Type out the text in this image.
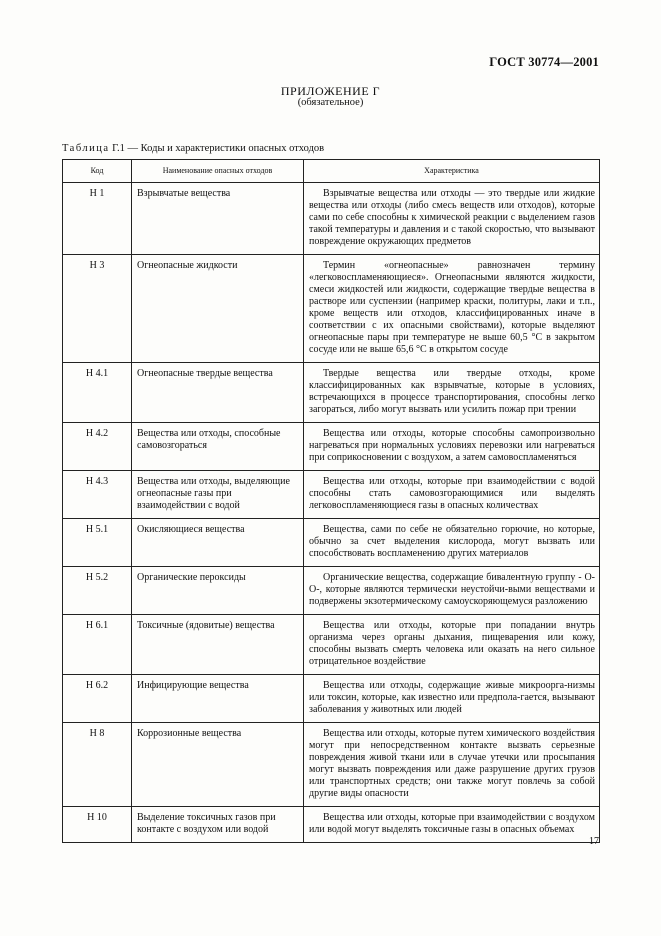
ГОСТ 30774—2001
ПРИЛОЖЕНИЕ Г
(обязательное)
Таблица Г.1 — Коды и характеристики опасных отходов
Код	Наименование опасных отходов	Характеристика
Н 1	Взрывчатые вещества	Взрывчатые вещества или отходы — это твердые или жидкие вещества или отходы (либо смесь веществ или отходов), которые сами по себе способны к химической реакции с выделением газов такой температуры и давления и с такой скоростью, что вызывают повреждение окружающих предметов
Н 3	Огнеопасные жидкости	Термин «огнеопасные» равнозначен термину «легковоспламеняющиеся». Огнеопасными являются жидкости, смеси жидкостей или жидкости, содержащие твердые вещества в растворе или суспензии (например краски, политуры, лаки и т.п., кроме веществ или отходов, классифицированных иначе в соответствии с их опасными свойствами), которые выделяют огнеопасные пары при температуре не выше 60,5 °С в закрытом сосуде или не выше 65,6 °С в открытом сосуде
Н 4.1	Огнеопасные твердые вещества	Твердые вещества или твердые отходы, кроме классифицированных как взрывчатые, которые в условиях, встречающихся в процессе транспортирования, способны легко загораться, либо могут вызвать или усилить пожар при трении
Н 4.2	Вещества или отходы, способные самовозгораться	Вещества или отходы, которые способны самопроизвольно нагреваться при нормальных условиях перевозки или нагреваться при соприкосновении с воздухом, а затем самовоспламеняться
Н 4.3	Вещества или отходы, выделяющие огнеопасные газы при взаимодействии с водой	Вещества или отходы, которые при взаимодействии с водой способны стать самовозгорающимися или выделять легковоспламеняющиеся газы в опасных количествах
Н 5.1	Окисляющиеся вещества	Вещества, сами по себе не обязательно горючие, но которые, обычно за счет выделения кислорода, могут вызвать или способствовать воспламенению других материалов
Н 5.2	Органические пероксиды	Органические вещества, содержащие бивалентную группу - О-О-, которые являются термически неустойчи-выми веществами и подвержены экзотермическому самоускоряющемуся разложению
Н 6.1	Токсичные (ядовитые) вещества	Вещества или отходы, которые при попадании внутрь организма через органы дыхания, пищеварения или кожу, способны вызвать смерть человека или оказать на него сильное отрицательное воздействие
Н 6.2	Инфицирующие вещества	Вещества или отходы, содержащие живые микроорга-низмы или токсин, которые, как известно или предпола-гается, вызывают заболевания у животных или людей
Н 8	Коррозионные вещества	Вещества или отходы, которые путем химического воздействия могут при непосредственном контакте вызвать серьезные повреждения живой ткани или в случае утечки или просыпания могут вызвать повреждения или даже разрушение других грузов или транспортных средств; они также могут повлечь за собой другие виды опасности
Н 10	Выделение токсичных газов при контакте с воздухом или водой	Вещества или отходы, которые при взаимодействии с воздухом или водой могут выделять токсичные газы в опасных объемах
17
